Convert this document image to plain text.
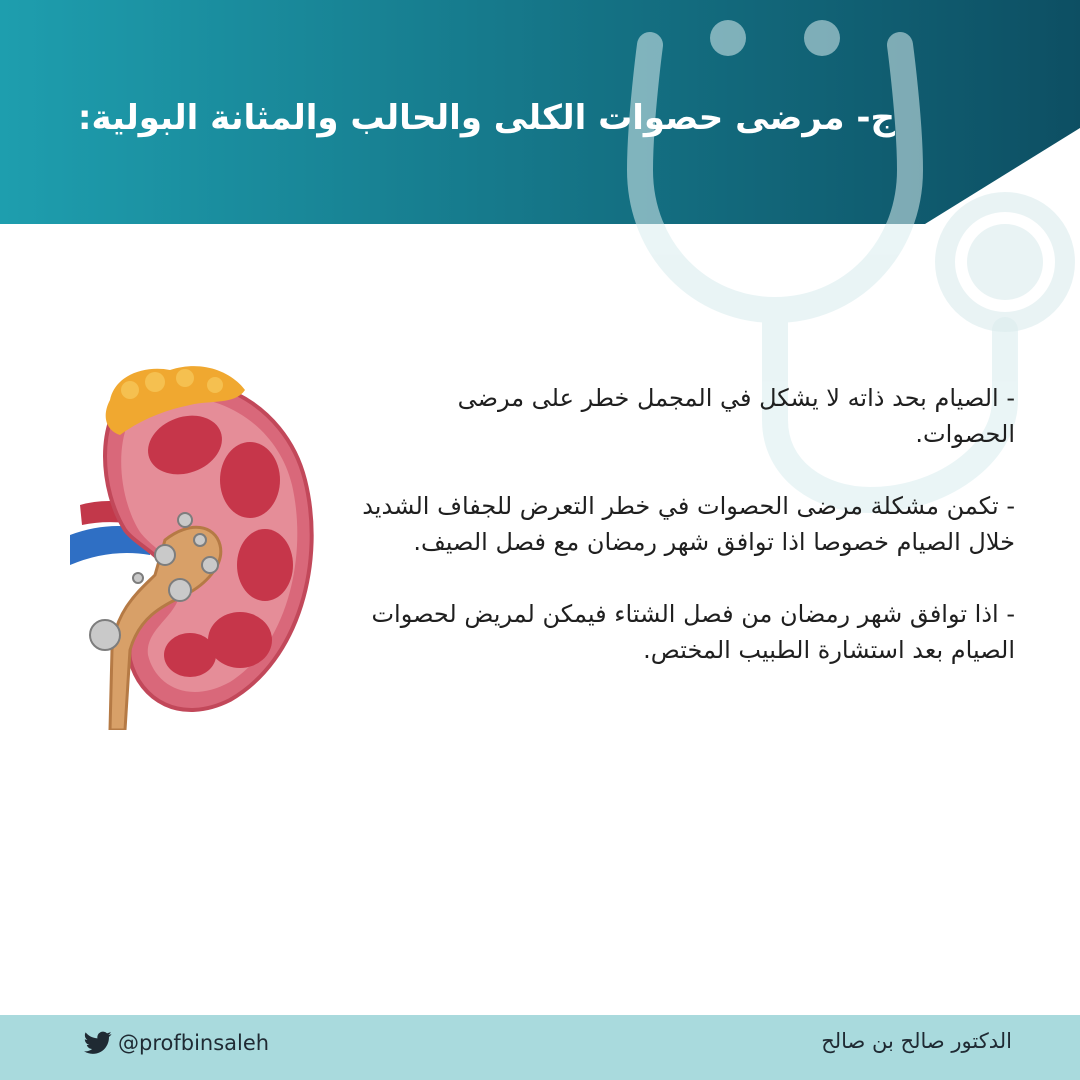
ج- مرضى حصوات الكلى والحالب والمثانة البولية:

- الصيام بحد ذاته لا يشكل في المجمل خطر على مرضى الحصوات.

- تكمن مشكلة مرضى الحصوات في خطر التعرض للجفاف الشديد خلال الصيام خصوصا اذا توافق شهر رمضان مع فصل الصيف.

- اذا توافق شهر رمضان من فصل الشتاء فيمكن لمريض لحصوات الصيام بعد استشارة الطبيب المختص.

@profbinsaleh	الدكتور صالح بن صالح
